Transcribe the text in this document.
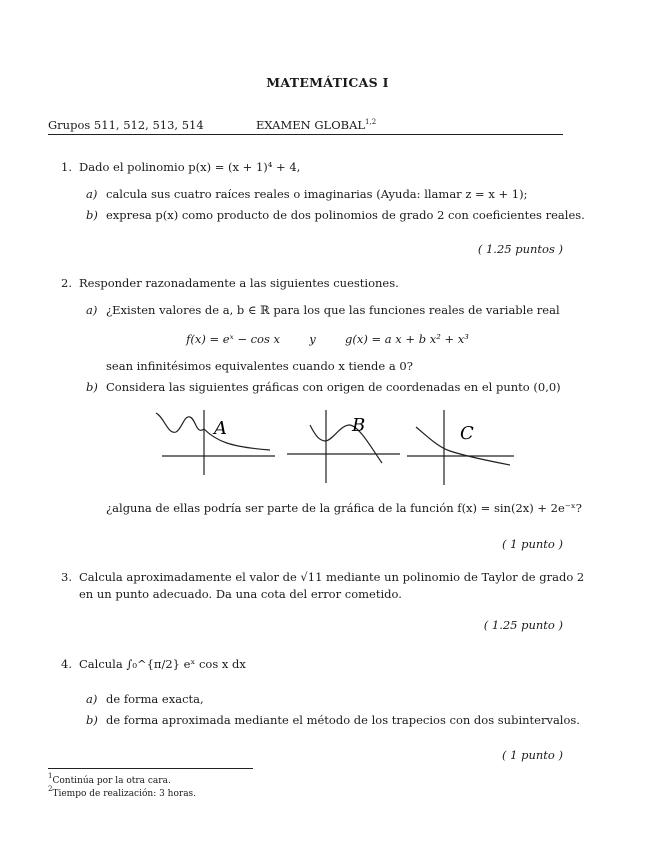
MATEMÁTICAS I
Grupos 511, 512, 513, 514	EXAMEN GLOBAL$^{1,2}$
1. Dado el polinomio p(x) = (x + 1)⁴ + 4,
a) calcula sus cuatro raíces reales o imaginarias (Ayuda: llamar z = x + 1);
b) expresa p(x) como producto de dos polinomios de grado 2 con coeficientes reales.
( 1.25 puntos )
2. Responder razonadamente a las siguientes cuestiones.
a) ¿Existen valores de a, b ∈ ℝ para los que las funciones reales de variable real
f(x) = eˣ − cos x        y        g(x) = a x + b x² + x³
sean infinitésimos equivalentes cuando x tiende a 0?
b) Considera las siguientes gráficas con origen de coordenadas en el punto (0,0)
A	B	C
¿alguna de ellas podría ser parte de la gráfica de la función f(x) = sin(2x) + 2e⁻ˣ?
( 1 punto )
3. Calcula aproximadamente el valor de √11 mediante un polinomio de Taylor de grado 2
en un punto adecuado. Da una cota del error cometido.
( 1.25 punto )
4. Calcula ∫₀^{π/2} eˣ cos x dx
a) de forma exacta,
b) de forma aproximada mediante el método de los trapecios con dos subintervalos.
( 1 punto )
$^1$Continúa por la otra cara.
$^2$Tiempo de realización: 3 horas.
